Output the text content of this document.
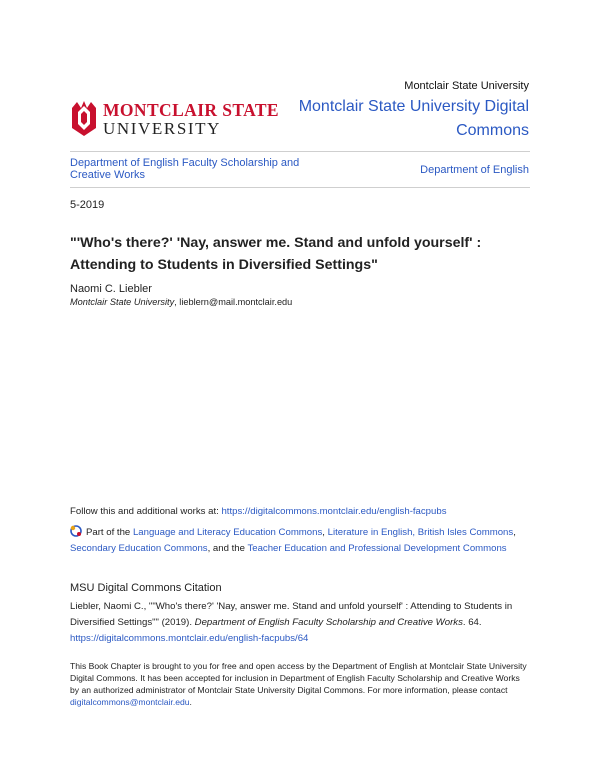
Montclair State University
MONTCLAIR STATE
UNIVERSITY
Montclair State University Digital Commons
Department of English Faculty Scholarship and Creative Works	Department of English
5-2019
"'Who's there?' 'Nay, answer me. Stand and unfold yourself' : Attending to Students in Diversified Settings"
Naomi C. Liebler
Montclair State University, lieblern@mail.montclair.edu
Follow this and additional works at: https://digitalcommons.montclair.edu/english-facpubs
Part of the Language and Literacy Education Commons, Literature in English, British Isles Commons,
Secondary Education Commons, and the Teacher Education and Professional Development Commons
MSU Digital Commons Citation
Liebler, Naomi C., ""Who's there?' 'Nay, answer me. Stand and unfold yourself' : Attending to Students in Diversified Settings"" (2019). Department of English Faculty Scholarship and Creative Works. 64.
https://digitalcommons.montclair.edu/english-facpubs/64
This Book Chapter is brought to you for free and open access by the Department of English at Montclair State University Digital Commons. It has been accepted for inclusion in Department of English Faculty Scholarship and Creative Works by an authorized administrator of Montclair State University Digital Commons. For more information, please contact digitalcommons@montclair.edu.
